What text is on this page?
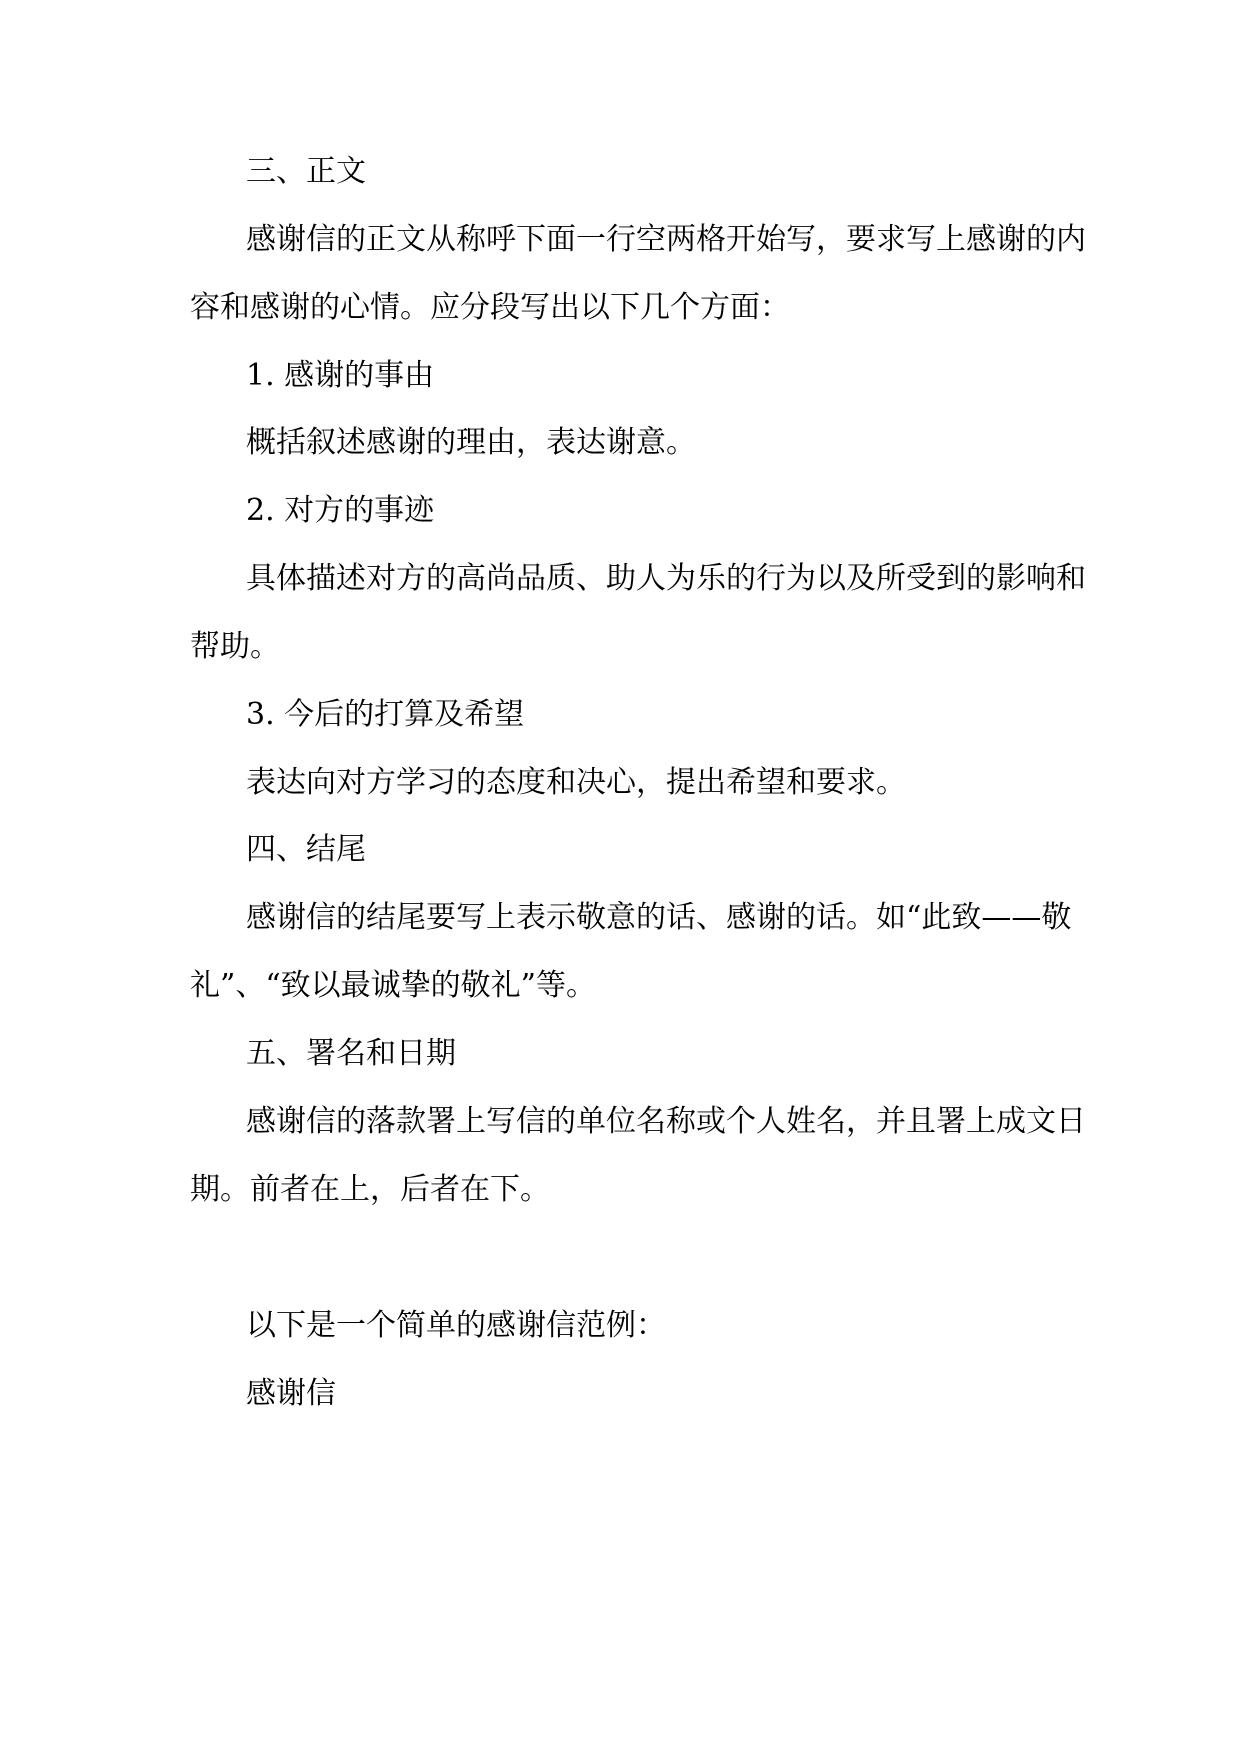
三、正文

感谢信的正文从称呼下面一行空两格开始写，要求写上感谢的内

容和感谢的心情。应分段写出以下几个方面：

1. 感谢的事由

概括叙述感谢的理由，表达谢意。

2. 对方的事迹

具体描述对方的高尚品质、助人为乐的行为以及所受到的影响和

帮助。

3. 今后的打算及希望

表达向对方学习的态度和决心，提出希望和要求。

四、结尾

感谢信的结尾要写上表示敬意的话、感谢的话。如“此致——敬

礼”、“致以最诚挚的敬礼”等。

五、署名和日期

感谢信的落款署上写信的单位名称或个人姓名，并且署上成文日

期。前者在上，后者在下。

以下是一个简单的感谢信范例：

感谢信
